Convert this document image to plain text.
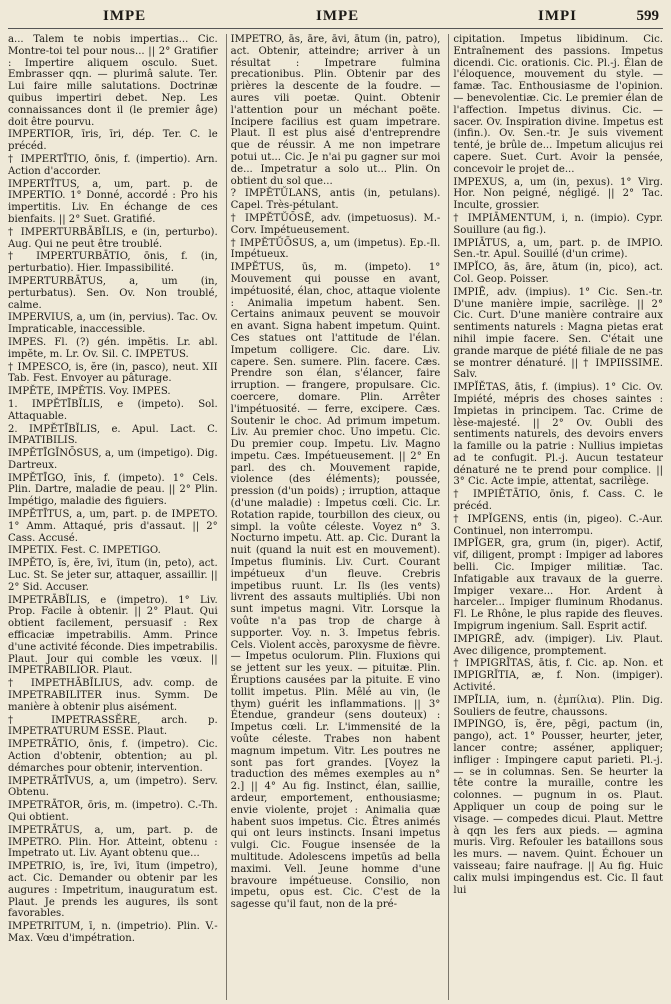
IMPE	IMPE	IMPI	599

a... Talem te nobis impertias... Cic. Montre-toi tel pour nous... || 2° Gratifier : Impertire aliquem osculo. Suet. Embrasser qqn. — plurimâ salute. Ter. Lui faire mille salutations. Doctrinæ quibus impertiri debet. Nep. Les connaissances dont il (le premier âge) doit être pourvu.

IMPERTIOR, īris, īri, dép. Ter. C. le précéd.

† IMPERTĪTIO, ōnis, f. (impertio). Arn. Action d'accorder.

IMPERTĪTUS, a, um, part. p. de IMPERTIO. 1° Donné, accordé : Pro his impertitis. Liv. En échange de ces bienfaits. || 2° Suet. Gratifié.

† IMPERTURBĀBĬLIS, e (in, perturbo). Aug. Qui ne peut être troublé.

† IMPERTURBĀTIO, ōnis, f. (in, perturbatio). Hier. Impassibilité.

IMPERTURBĀTUS, a, um (in, perturbatus). Sen. Ov. Non troublé, calme.

IMPERVIUS, a, um (in, pervius). Tac. Ov. Impraticable, inaccessible.

IMPES. Fl. (?) gén. impĕtis. Lr. abl. impĕte, m. Lr. Ov. Sil. C. IMPETUS.

† IMPESCO, is, ĕre (in, pasco), neut. XII Tab. Fest. Envoyer au pâturage.

IMPĔTE, IMPĔTIS. Voy. IMPES.

1. IMPĔTĪBĬLIS, e (impeto). Sol. Attaquable.

2. IMPĔTĪBĬLIS, e. Apul. Lact. C. IMPATIBILIS.

IMPĔTĪGĬNŌSUS, a, um (impetigo). Dig. Dartreux.

IMPĔTĪGO, ĭnis, f. (impeto). 1° Cels. Plin. Dartre, maladie de peau. || 2° Plin. Impétigo, maladie des figuiers.

IMPĔTĪTUS, a, um, part. p. de IMPETO. 1° Amm. Attaqué, pris d'assaut. || 2° Cass. Accusé.

IMPETIX. Fest. C. IMPETIGO.

IMPĔTO, ĭs, ĕre, īvi, ītum (in, peto), act. Luc. St. Se jeter sur, attaquer, assaillir. || 2° Sid. Accuser.

IMPETRĀBĬLIS, e (impetro). 1° Liv. Prop. Facile à obtenir. || 2° Plaut. Qui obtient facilement, persuasif : Rex efficaciæ impetrabilis. Amm. Prince d'une activité féconde. Dies impetrabilis. Plaut. Jour qui comble les vœux. || IMPETRABILIOR. Plaut.

† IMPETHĀBĬLIUS, adv. comp. de IMPETRABILITER inus. Symm. De manière à obtenir plus aisément.

† IMPETRASSĔRE, arch. p. IMPETRATURUM ESSE. Plaut.

IMPETRĀTIO, ōnis, f. (impetro). Cic. Action d'obtenir, obtention; au pl. démarches pour obtenir, intervention.

IMPETRĀTĪVUS, a, um (impetro). Serv. Obtenu.

IMPETRĀTOR, ōris, m. (impetro). C.-Th. Qui obtient.

IMPETRĀTUS, a, um, part. p. de IMPETRO. Plin. Hor. Atteint, obtenu : Impetrato ut. Liv. Ayant obtenu que...

IMPETRIO, is, īre, īvi, ītum (impetro), act. Cic. Demander ou obtenir par les augures : Impetritum, inauguratum est. Plaut. Je prends les augures, ils sont favorables.

IMPETRITUM, ī, n. (impetrio). Plin. V.-Max. Vœu d'impétration.

IMPETRO, ās, āre, āvi, ātum (in, patro), act. Obtenir, atteindre; arriver à un résultat : Impetrare fulmina precationibus. Plin. Obtenir par des prières la descente de la foudre. — aures vili poetæ. Quint. Obtenir l'attention pour un méchant poëte. Incipere facilius est quam impetrare. Plaut. Il est plus aisé d'entreprendre que de réussir. A me non impetrare potui ut... Cic. Je n'ai pu gagner sur moi de... Impetratur a solo ut... Plin. On obtient du sol que...

? IMPĔTŬLANS, antis (in, petulans). Capel. Très-pétulant.

† IMPĔTŬŌSĒ, adv. (impetuosus). M.-Corv. Impétueusement.

† IMPĔTŬŌSUS, a, um (impetus). Ep.-Il. Impétueux.

IMPĔTUS, ūs, m. (impeto). 1° Mouvement qui pousse en avant, impétuosité, élan, choc, attaque violente : Animalia impetum habent. Sen. Certains animaux peuvent se mouvoir en avant. Signa habent impetum. Quint. Ces statues ont l'attitude de l'élan. Impetum colligere. Cic. dare. Liv. capere. Sen. sumere. Plin. facere. Cæs. Prendre son élan, s'élancer, faire irruption. — frangere, propulsare. Cic. coercere, domare. Plin. Arrêter l'impétuosité. — ferre, excipere. Cæs. Soutenir le choc. Ad primum impetum. Liv. Au premier choc. Uno impetu. Cic. Du premier coup. Impetu. Liv. Magno impetu. Cæs. Impétueusement. || 2° En parl. des ch. Mouvement rapide, violence (des éléments); poussée, pression (d'un poids) ; irruption, attaque (d'une maladie) : Impetus cœli. Cic. Lr. Rotation rapide, tourbillon des cieux, ou simpl. la voûte céleste. Voyez n° 3. Nocturno impetu. Att. ap. Cic. Durant la nuit (quand la nuit est en mouvement). Impetus fluminis. Liv. Curt. Courant impétueux d'un fleuve. Crebris impetibus ruunt. Lr. Ils (les vents) livrent des assauts multipliés. Ubi non sunt impetus magni. Vitr. Lorsque la voûte n'a pas trop de charge à supporter. Voy. n. 3. Impetus febris. Cels. Violent accès, paroxysme de fièvre. — Impetus oculorum. Plin. Fluxions qui se jettent sur les yeux. — pituitæ. Plin. Éruptions causées par la pituite. E vino tollit impetus. Plin. Mêlé au vin, (le thym) guérit les inflammations. || 3° Étendue, grandeur (sens douteux) : Impetus cœli. Lr. L'immensité de la voûte céleste. Trabes non habent magnum impetum. Vitr. Les poutres ne sont pas fort grandes. [Voyez la traduction des mêmes exemples au n° 2.] || 4° Au fig. Instinct, élan, saillie, ardeur, emportement, enthousiasme; envie violente, projet : Animalia quæ habent suos impetus. Cic. Êtres animés qui ont leurs instincts. Insani impetus vulgi. Cic. Fougue insensée de la multitude. Adolescens impetūs ad bella maximi. Vell. Jeune homme d'une bravoure impétueuse. Consilio, non impetu, opus est. Cic. C'est de la sagesse qu'il faut, non de la pré-

cipitation. Impetus libidinum. Cic. Entraînement des passions. Impetus dicendi. Cic. orationis. Cic. Pl.-j. Élan de l'éloquence, mouvement du style. — famæ. Tac. Enthousiasme de l'opinion. — benevolentiæ. Cic. Le premier élan de l'affection. Impetus divinus. Cic. — sacer. Ov. Inspiration divine. Impetus est (infin.). Ov. Sen.-tr. Je suis vivement tenté, je brûle de... Impetum alicujus rei capere. Suet. Curt. Avoir la pensée, concevoir le projet de...

IMPEXUS, a, um (in, pexus). 1° Virg. Hor. Non peigné, négligé. || 2° Tac. Inculte, grossier.

† IMPIĀMENTUM, i, n. (impio). Cypr. Souillure (au fig.).

IMPIĀTUS, a, um, part. p. de IMPIO. Sen.-tr. Apul. Souillé (d'un crime).

IMPĬCO, ās, āre, ātum (in, pico), act. Col. Geop. Poisser.

IMPIĒ, adv. (impius). 1° Cic. Sen.-tr. D'une manière impie, sacrilège. || 2° Cic. Curt. D'une manière contraire aux sentiments naturels : Magna pietas erat nihil impie facere. Sen. C'était une grande marque de piété filiale de ne pas se montrer dénaturé. || † IMPIISSIME. Salv.

IMPĬĔTAS, ātis, f. (impius). 1° Cic. Ov. Impiété, mépris des choses saintes : Impietas in principem. Tac. Crime de lèse-majesté. || 2° Ov. Oubli des sentiments naturels, des devoirs envers la famille ou la patrie : Nullius impietas ad te confugit. Pl.-j. Aucun testateur dénaturé ne te prend pour complice. || 3° Cic. Acte impie, attentat, sacrilège.

† IMPIĔTĀTIO, ōnis, f. Cass. C. le précéd.

† IMPĬGENS, entis (in, pigeo). C.-Aur. Continuel, non interrompu.

IMPĬGER, gra, grum (in, piger). Actif, vif, diligent, prompt : Impiger ad labores belli. Cic. Impiger militiæ. Tac. Infatigable aux travaux de la guerre. Impiger vexare... Hor. Ardent à harceler... Impiger fluminum Rhodanus. Fl. Le Rhône, le plus rapide des fleuves. Impigrum ingenium. Sall. Esprit actif.

IMPIGRĒ, adv. (impiger). Liv. Plaut. Avec diligence, promptement.

† IMPIGRĬTAS, ātis, f. Cic. ap. Non. et IMPIGRĬTIA, æ, f. Non. (impiger). Activité.

IMPĪLIA, ium, n. (ἐμπίλια). Plin. Dig. Souliers de feutre, chaussons.

IMPINGO, ĭs, ĕre, pēgi, pactum (in, pango), act. 1° Pousser, heurter, jeter, lancer contre; asséner, appliquer; infliger : Impingere caput parieti. Pl.-j. — se in columnas. Sen. Se heurter la tête contre la muraille, contre les colonnes. — pugnum in os. Plaut. Appliquer un coup de poing sur le visage. — compedes dicui. Plaut. Mettre à qqn les fers aux pieds. — agmina muris. Virg. Refouler les bataillons sous les murs. — navem. Quint. Échouer un vaisseau; faire naufrage. || Au fig. Huic calix mulsi impingendus est. Cic. Il faut lui
